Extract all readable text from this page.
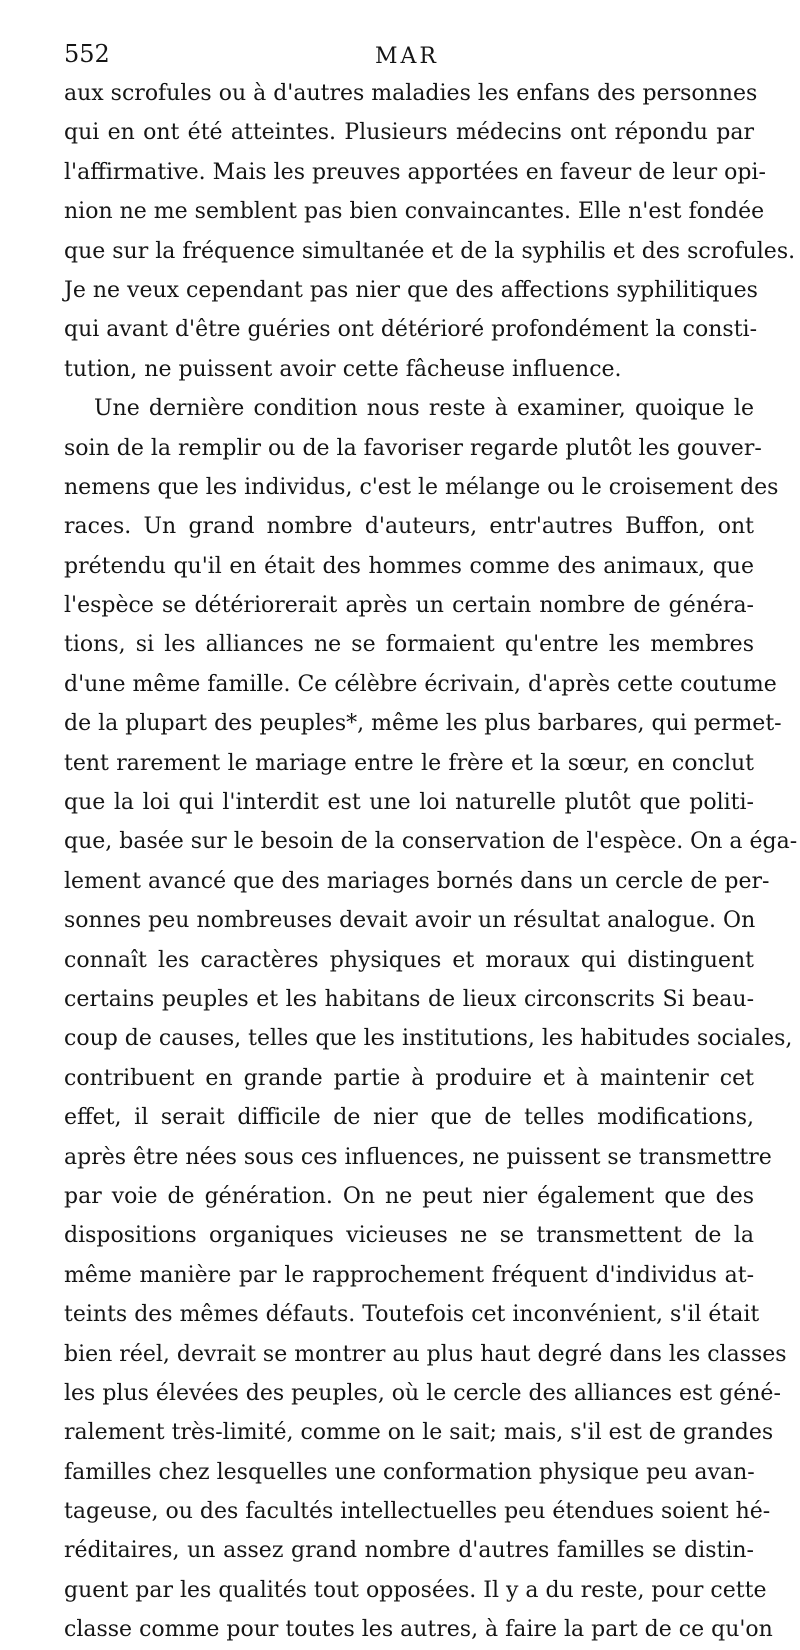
552	MAR
aux scrofules ou à d'autres maladies les enfans des personnes
qui en ont été atteintes. Plusieurs médecins ont répondu par
l'affirmative. Mais les preuves apportées en faveur de leur opi-
nion ne me semblent pas bien convaincantes. Elle n'est fondée
que sur la fréquence simultanée et de la syphilis et des scrofules.
Je ne veux cependant pas nier que des affections syphilitiques
qui avant d'être guéries ont détérioré profondément la consti-
tution, ne puissent avoir cette fâcheuse influence.
Une dernière condition nous reste à examiner, quoique le
soin de la remplir ou de la favoriser regarde plutôt les gouver-
nemens que les individus, c'est le mélange ou le croisement des
races. Un grand nombre d'auteurs, entr'autres Buffon, ont
prétendu qu'il en était des hommes comme des animaux, que
l'espèce se détériorerait après un certain nombre de généra-
tions, si les alliances ne se formaient qu'entre les membres
d'une même famille. Ce célèbre écrivain, d'après cette coutume
de la plupart des peuples*, même les plus barbares, qui permet-
tent rarement le mariage entre le frère et la sœur, en conclut
que la loi qui l'interdit est une loi naturelle plutôt que politi-
que, basée sur le besoin de la conservation de l'espèce. On a éga-
lement avancé que des mariages bornés dans un cercle de per-
sonnes peu nombreuses devait avoir un résultat analogue. On
connaît les caractères physiques et moraux qui distinguent
certains peuples et les habitans de lieux circonscrits Si beau-
coup de causes, telles que les institutions, les habitudes sociales,
contribuent en grande partie à produire et à maintenir cet
effet, il serait difficile de nier que de telles modifications,
après être nées sous ces influences, ne puissent se transmettre
par voie de génération. On ne peut nier également que des
dispositions organiques vicieuses ne se transmettent de la
même manière par le rapprochement fréquent d'individus at-
teints des mêmes défauts. Toutefois cet inconvénient, s'il était
bien réel, devrait se montrer au plus haut degré dans les classes
les plus élevées des peuples, où le cercle des alliances est géné-
ralement très-limité, comme on le sait; mais, s'il est de grandes
familles chez lesquelles une conformation physique peu avan-
tageuse, ou des facultés intellectuelles peu étendues soient hé-
réditaires, un assez grand nombre d'autres familles se distin-
guent par les qualités tout opposées. Il y a du reste, pour cette
classe comme pour toutes les autres, à faire la part de ce qu'on
